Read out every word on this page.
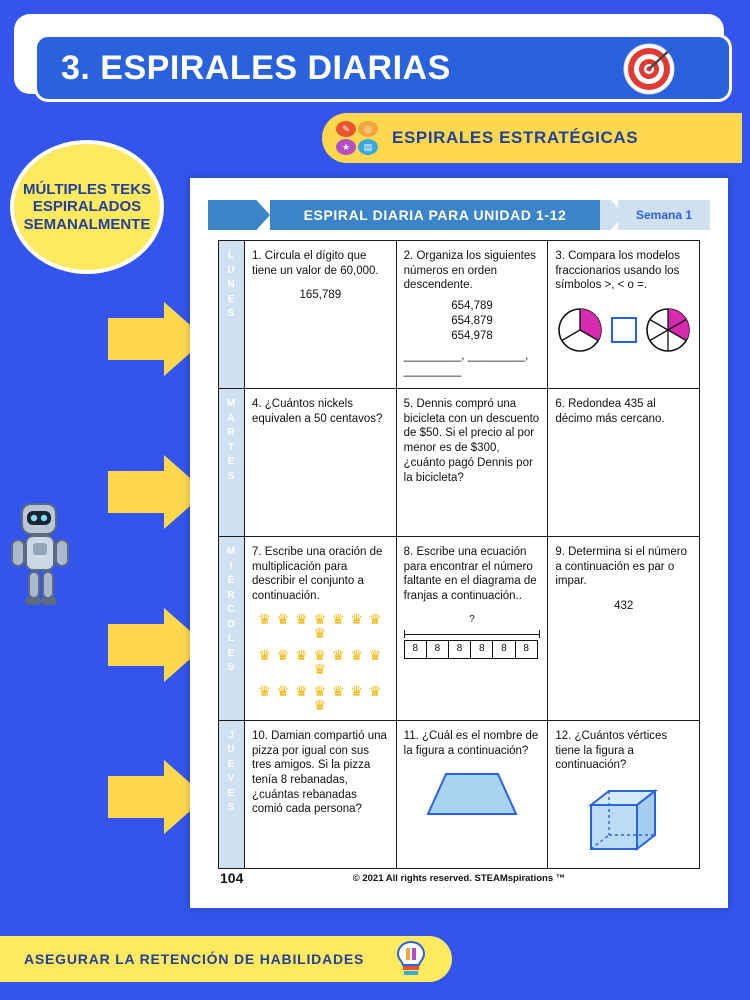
3. ESPIRALES DIARIAS
✎	◎
★	▤	ESPIRALES ESTRATÉGICAS
MÚLTIPLES TEKS ESPIRALADOS SEMANALMENTE
ESPIRAL DIARIA PARA UNIDAD 1-12	Semana 1
L U N E S

1. Circula el dígito que tiene un valor de 60,000.
165,789

2. Organiza los siguientes números en orden descendente.
654,789
654,879
654,978
_________, _________, _________

3. Compara los modelos fraccionarios usando los símbolos >, < o =.

M A R T E S	4. ¿Cuántos nickels equivalen a 50 centavos?	5. Dennis compró una bicicleta con un descuento de $50. Si el precio al por menor es de $300, ¿cuánto pagó Dennis por la bicicleta?	6. Redondea 435 al décimo más cercano.

M I É R C O L E S

7. Escribe una oración de multiplicación para describir el conjunto a continuación.
♛ ♛ ♛ ♛ ♛ ♛ ♛ ♛
♛ ♛ ♛ ♛ ♛ ♛ ♛ ♛
♛ ♛ ♛ ♛ ♛ ♛ ♛ ♛

8. Escribe una ecuación para encontrar el número faltante en el diagrama de franjas a continuación..
?
8	8	8	8	8	8

9. Determina si el número a continuación es par o impar.
432

J U E V E S	10. Damian compartió una pizza por igual con sus tres amigos. Si la pizza tenía 8 rebanadas, ¿cuántas rebanadas comió cada persona?	11. ¿Cuál es el nombre de la figura a continuación?	12. ¿Cuántos vértices tiene la figura a continuación?
104	© 2021 All rights reserved. STEAMspirations ™
ASEGURAR LA RETENCIÓN DE HABILIDADES
